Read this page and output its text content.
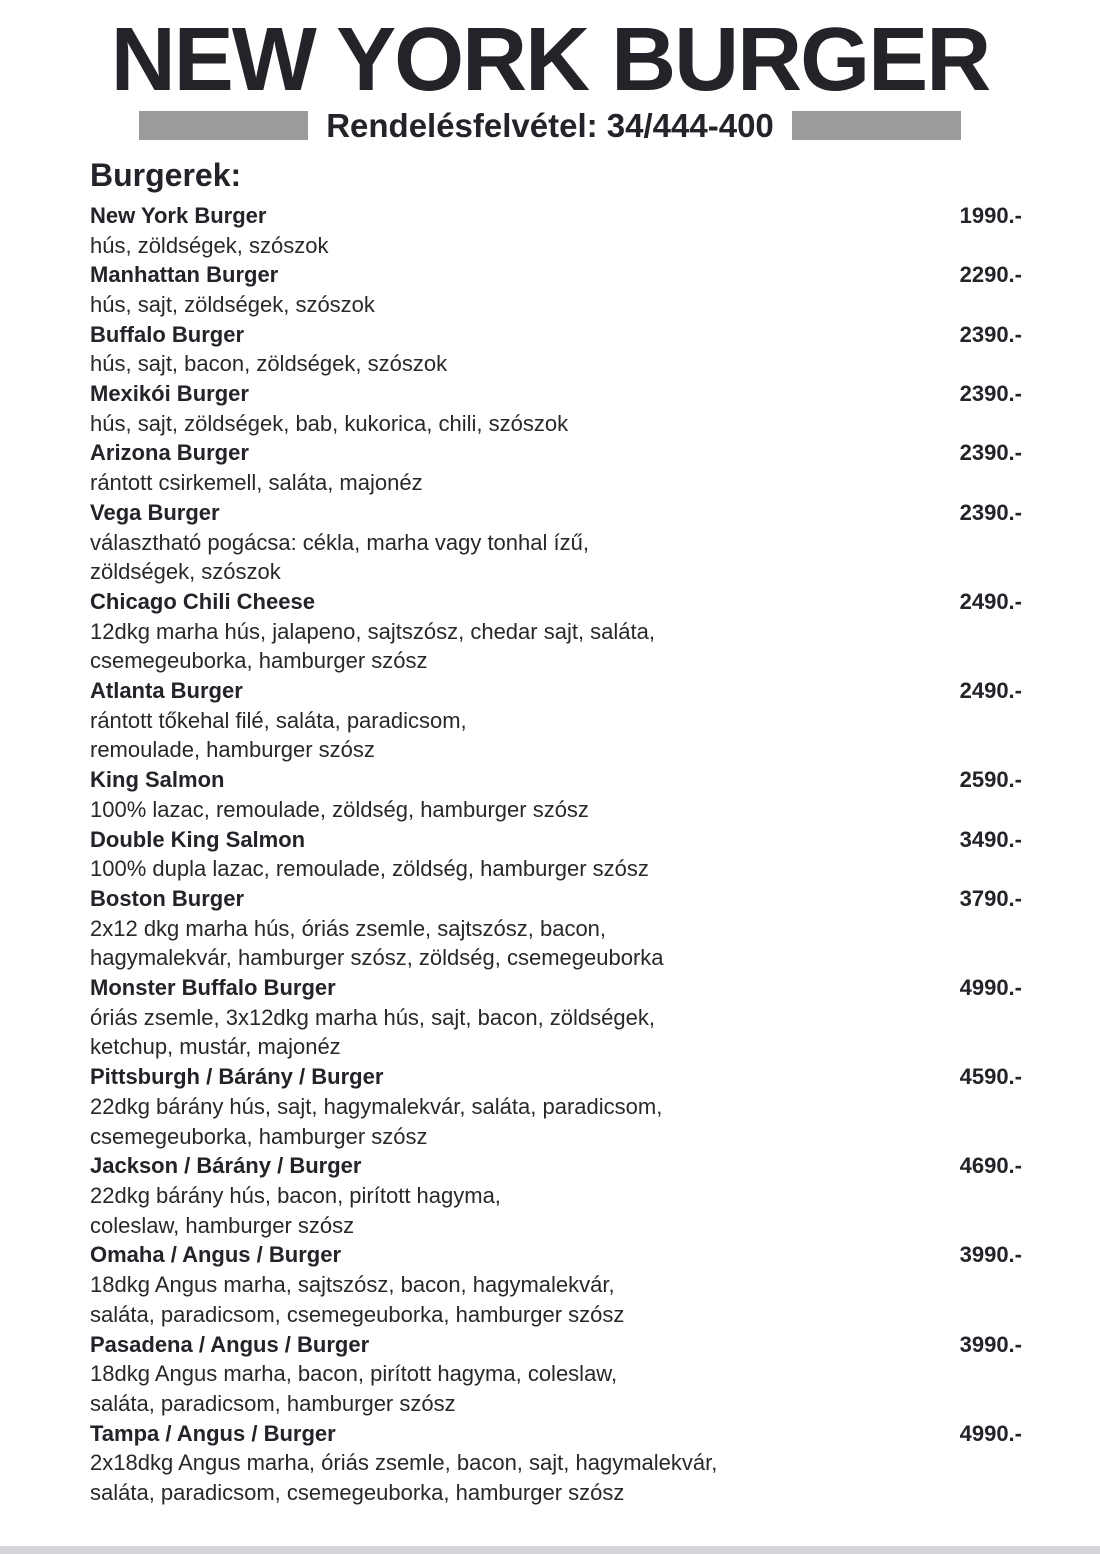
NEW YORK BURGER
Rendelésfelvétel: 34/444-400
Burgerek:
New York Burger	1990.-
hús, zöldségek, szószok
Manhattan Burger	2290.-
hús, sajt, zöldségek, szószok
Buffalo Burger	2390.-
hús, sajt, bacon, zöldségek, szószok
Mexikói Burger	2390.-
hús, sajt, zöldségek, bab, kukorica, chili, szószok
Arizona Burger	2390.-
rántott csirkemell, saláta, majonéz
Vega Burger	2390.-
választható pogácsa: cékla, marha vagy tonhal ízű,
zöldségek, szószok
Chicago Chili Cheese	2490.-
12dkg marha hús, jalapeno, sajtszósz, chedar sajt, saláta,
csemegeuborka, hamburger szósz
Atlanta Burger	2490.-
rántott tőkehal filé, saláta, paradicsom,
remoulade, hamburger szósz
King Salmon	2590.-
100% lazac, remoulade, zöldség, hamburger szósz
Double King Salmon	3490.-
100% dupla lazac, remoulade, zöldség, hamburger szósz
Boston Burger	3790.-
2x12 dkg marha hús, óriás zsemle, sajtszósz, bacon,
hagymalekvár, hamburger szósz, zöldség, csemegeuborka
Monster Buffalo Burger	4990.-
óriás zsemle, 3x12dkg marha hús, sajt, bacon, zöldségek,
ketchup, mustár, majonéz
Pittsburgh / Bárány / Burger	4590.-
22dkg bárány hús, sajt, hagymalekvár, saláta, paradicsom,
csemegeuborka, hamburger szósz
Jackson / Bárány / Burger	4690.-
22dkg bárány hús, bacon, pirított hagyma,
coleslaw, hamburger szósz
Omaha / Angus / Burger	3990.-
18dkg Angus marha, sajtszósz, bacon, hagymalekvár,
saláta, paradicsom, csemegeuborka, hamburger szósz
Pasadena / Angus / Burger	3990.-
18dkg Angus marha, bacon, pirított hagyma, coleslaw,
saláta, paradicsom, hamburger szósz
Tampa / Angus / Burger	4990.-
2x18dkg Angus marha, óriás zsemle, bacon, sajt, hagymalekvár,
saláta, paradicsom, csemegeuborka, hamburger szósz
